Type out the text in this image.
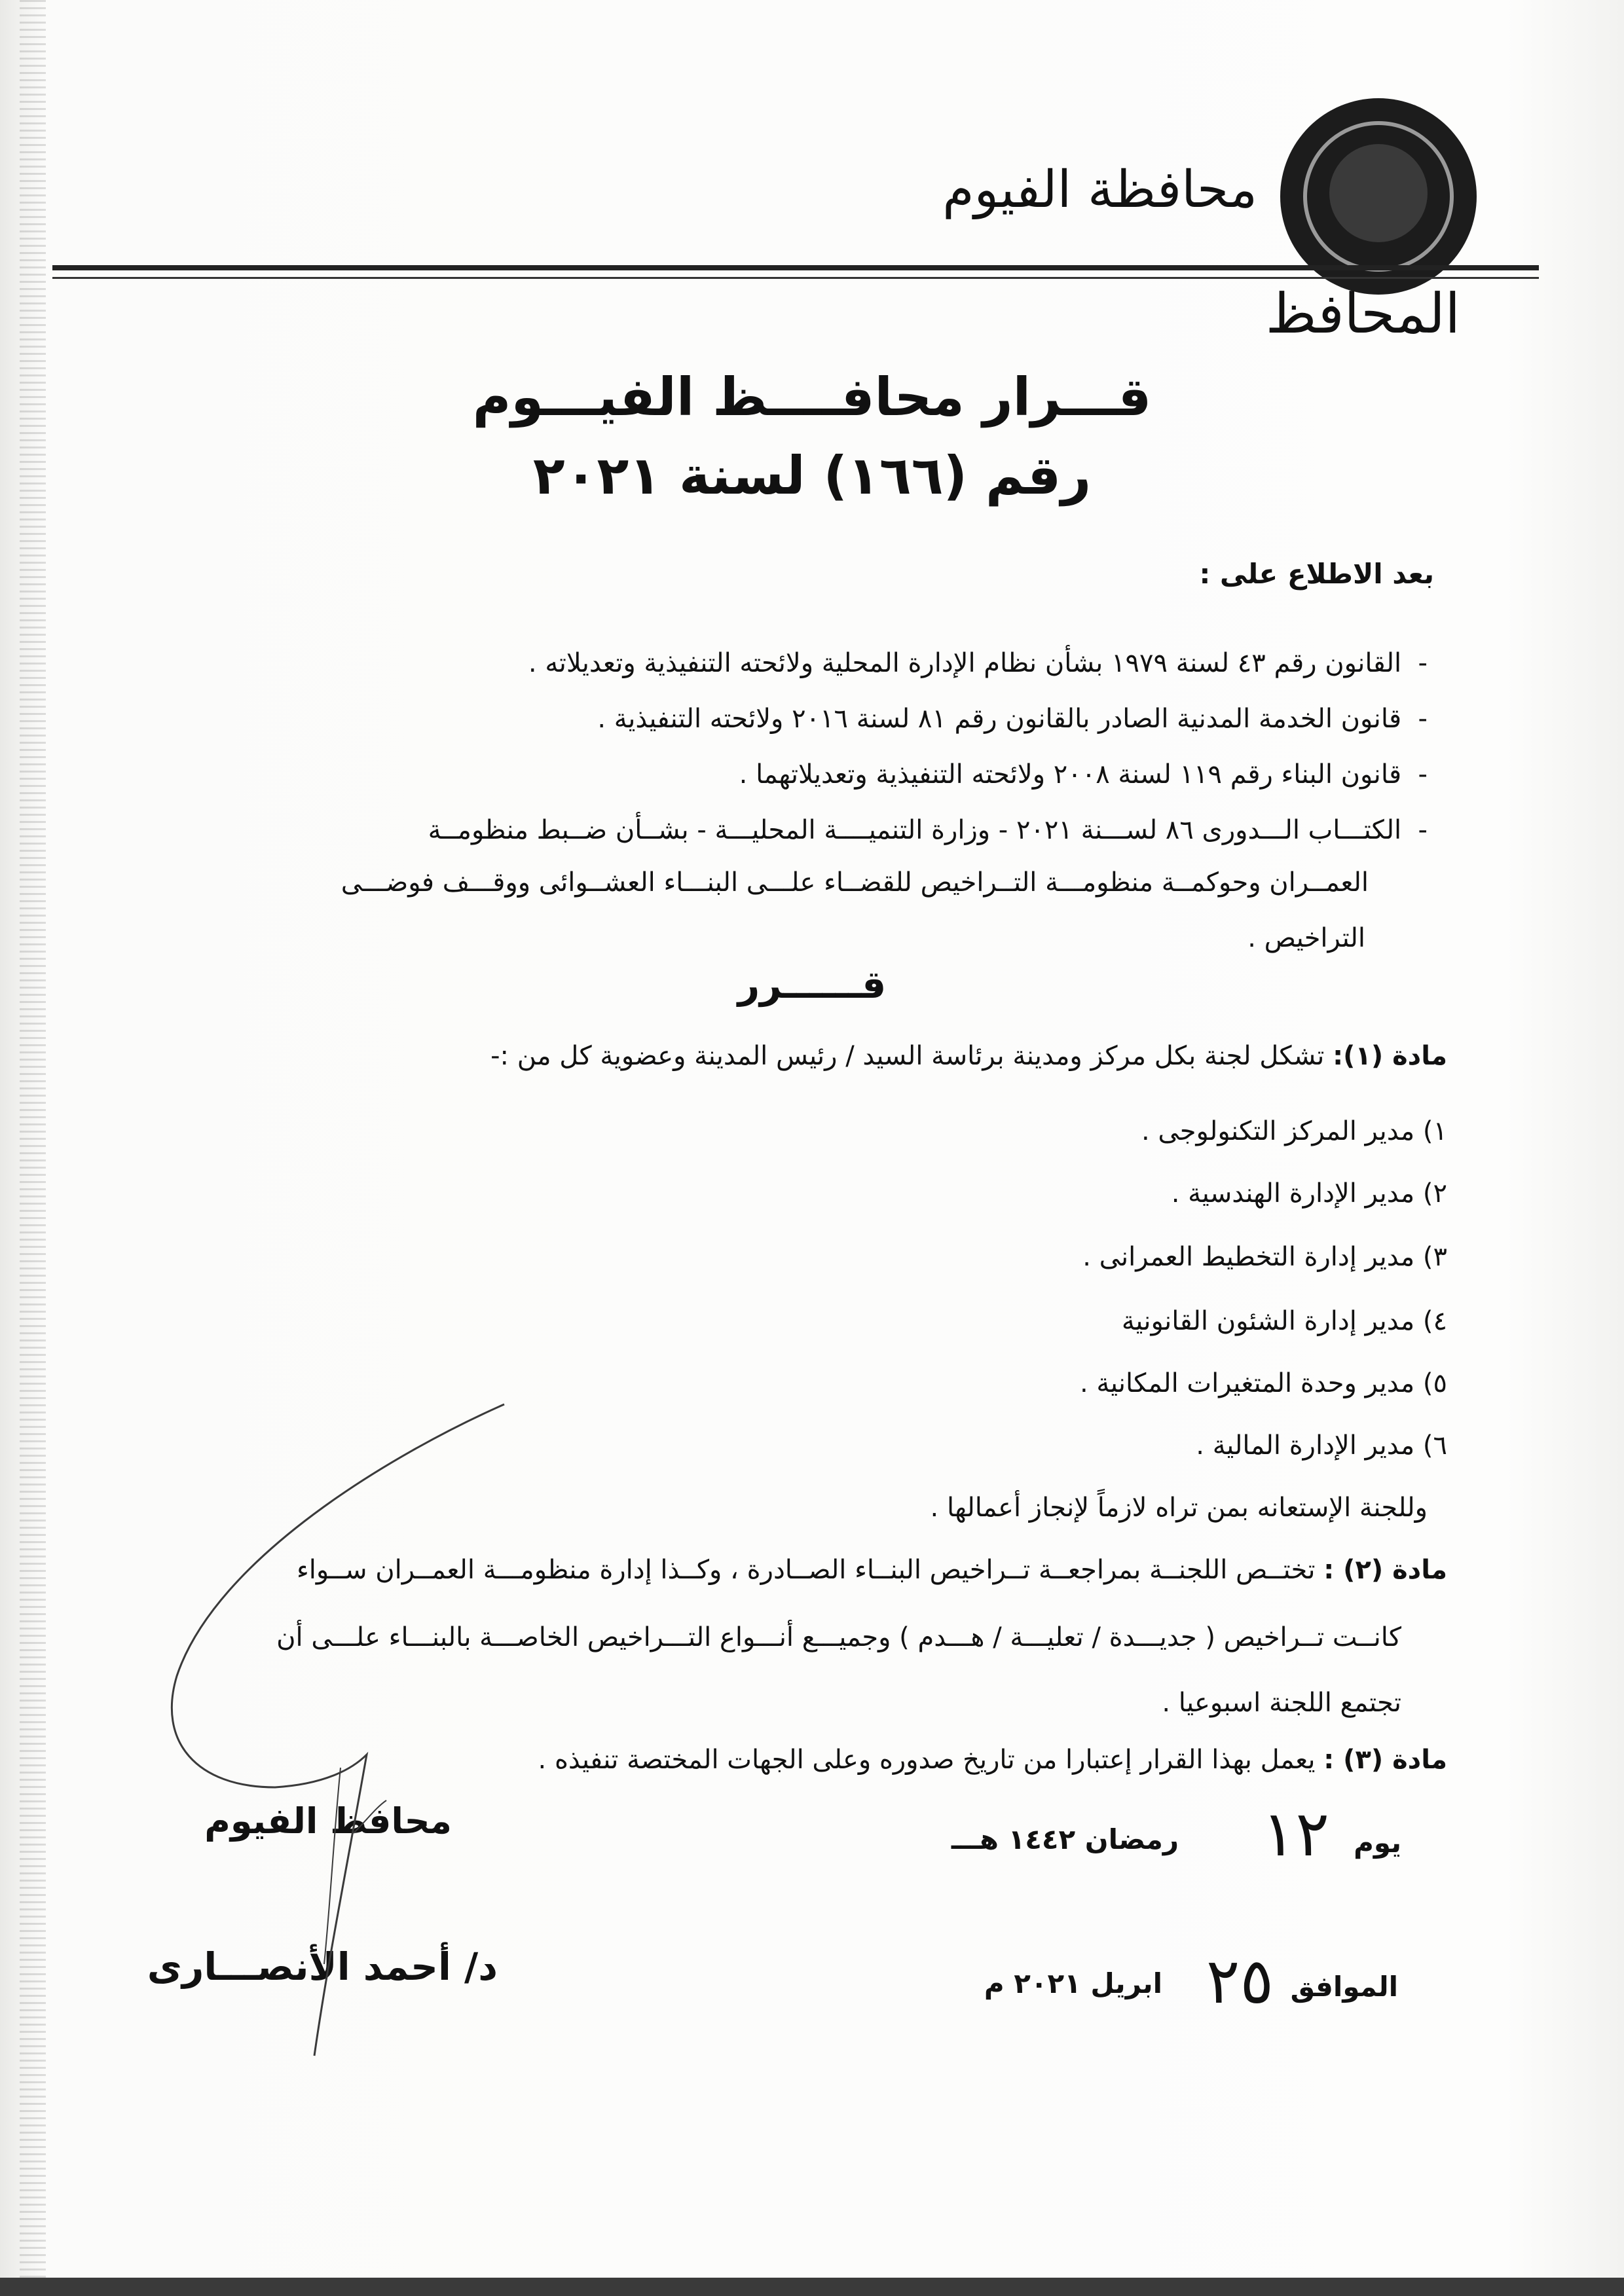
محافظة الفيوم
المحافظ
قـــرار محافــــظ الفيـــوم
رقم (١٦٦) لسنة ٢٠٢١
بعد الاطلاع على :
-  القانون رقم ٤٣ لسنة ١٩٧٩ بشأن نظام الإدارة المحلية ولائحته التنفيذية وتعديلاته .
-  قانون الخدمة المدنية الصادر بالقانون رقم ٨١ لسنة ٢٠١٦ ولائحته التنفيذية .
-  قانون البناء رقم ١١٩ لسنة ٢٠٠٨ ولائحته التنفيذية وتعديلاتهما .
-  الكتـــاب الـــدورى ٨٦ لســـنة ٢٠٢١ - وزارة التنميــــة المحليـــة - بشــأن ضــبط منظومــة
العمــران وحوكمــة منظومـــة التــراخيص للقضــاء علـــى البنـــاء العشــوائى ووقـــف فوضـــى
التراخيص .
قــــــرر
مادة (١): تشكل لجنة بكل مركز ومدينة برئاسة السيد / رئيس المدينة وعضوية كل من :-
١) مدير المركز التكنولوجى .
٢) مدير الإدارة الهندسية .
٣) مدير إدارة التخطيط العمرانى .
٤) مدير إدارة الشئون القانونية
٥) مدير وحدة المتغيرات المكانية .
٦) مدير الإدارة المالية .
وللجنة الإستعانه بمن تراه لازماً لإنجاز أعمالها .
مادة (٢) : تختــص اللجنــة بمراجعــة تــراخيص البنــاء الصــادرة ، وكــذا إدارة منظومـــة العمــران ســواء
كانــت تــراخيص ( جديـــدة / تعليـــة / هـــدم ) وجميـــع أنـــواع التـــراخيص الخاصـــة بالبنـــاء علـــى أن
تجتمع اللجنة اسبوعيا .
مادة (٣) : يعمل بهذا القرار إعتبارا من تاريخ صدوره وعلى الجهات المختصة تنفيذه .
محافظ الفيوم
د/ أحمد الأنصـــارى
يوم
١٢
رمضان ١٤٤٢ هـــ
الموافق
٢٥
ابريل ٢٠٢١ م
